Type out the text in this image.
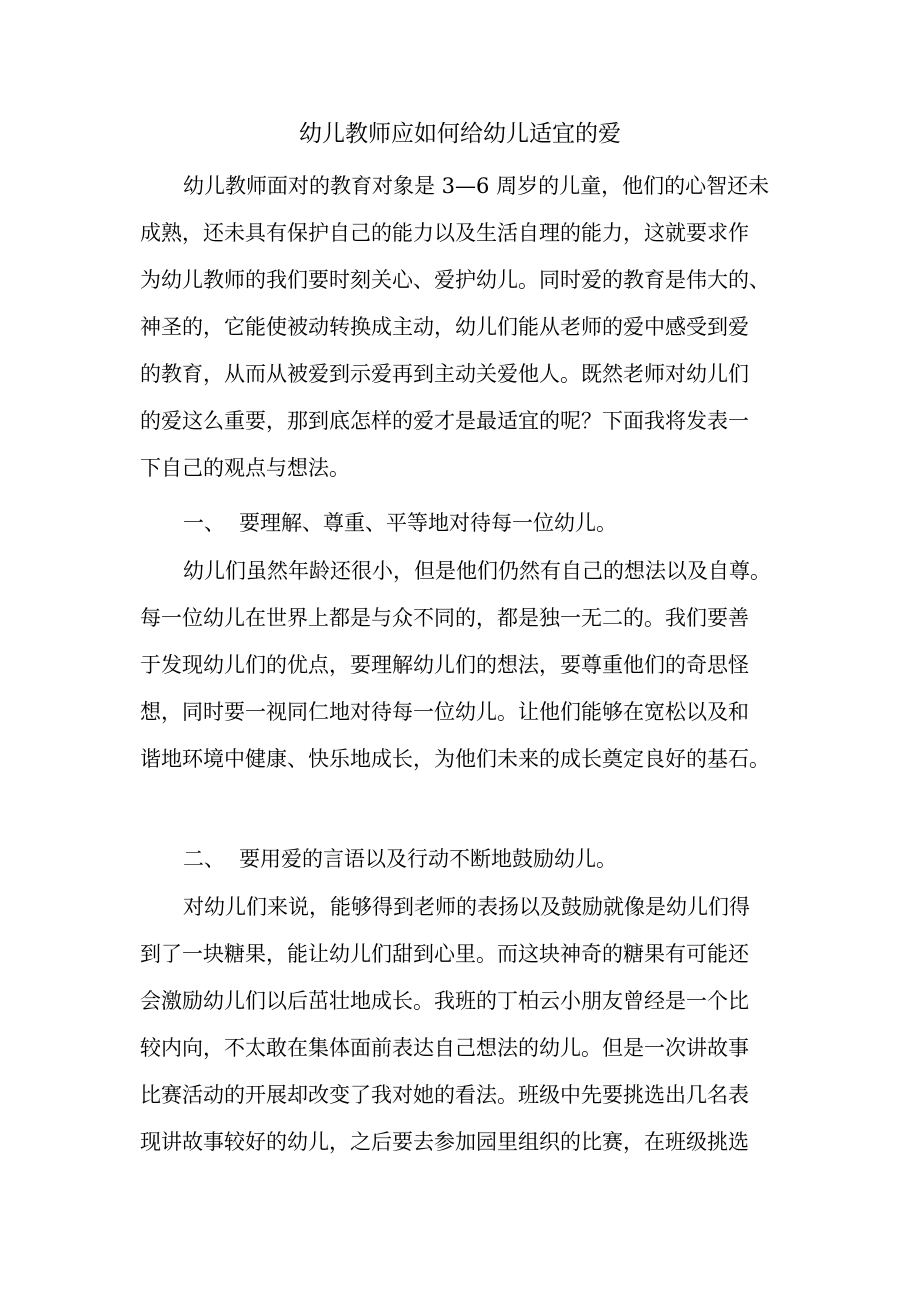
幼儿教师应如何给幼儿适宜的爱

幼儿教师面对的教育对象是 3—6 周岁的儿童，他们的心智还未

成熟，还未具有保护自己的能力以及生活自理的能力，这就要求作

为幼儿教师的我们要时刻关心、爱护幼儿。同时爱的教育是伟大的、

神圣的，它能使被动转换成主动，幼儿们能从老师的爱中感受到爱

的教育，从而从被爱到示爱再到主动关爱他人。既然老师对幼儿们

的爱这么重要，那到底怎样的爱才是最适宜的呢？下面我将发表一

下自己的观点与想法。

一、 要理解、尊重、平等地对待每一位幼儿。

幼儿们虽然年龄还很小，但是他们仍然有自己的想法以及自尊。

每一位幼儿在世界上都是与众不同的，都是独一无二的。我们要善

于发现幼儿们的优点，要理解幼儿们的想法，要尊重他们的奇思怪

想，同时要一视同仁地对待每一位幼儿。让他们能够在宽松以及和

谐地环境中健康、快乐地成长，为他们未来的成长奠定良好的基石。

二、 要用爱的言语以及行动不断地鼓励幼儿。

对幼儿们来说，能够得到老师的表扬以及鼓励就像是幼儿们得

到了一块糖果，能让幼儿们甜到心里。而这块神奇的糖果有可能还

会激励幼儿们以后茁壮地成长。我班的丁柏云小朋友曾经是一个比

较内向，不太敢在集体面前表达自己想法的幼儿。但是一次讲故事

比赛活动的开展却改变了我对她的看法。班级中先要挑选出几名表

现讲故事较好的幼儿，之后要去参加园里组织的比赛，在班级挑选
